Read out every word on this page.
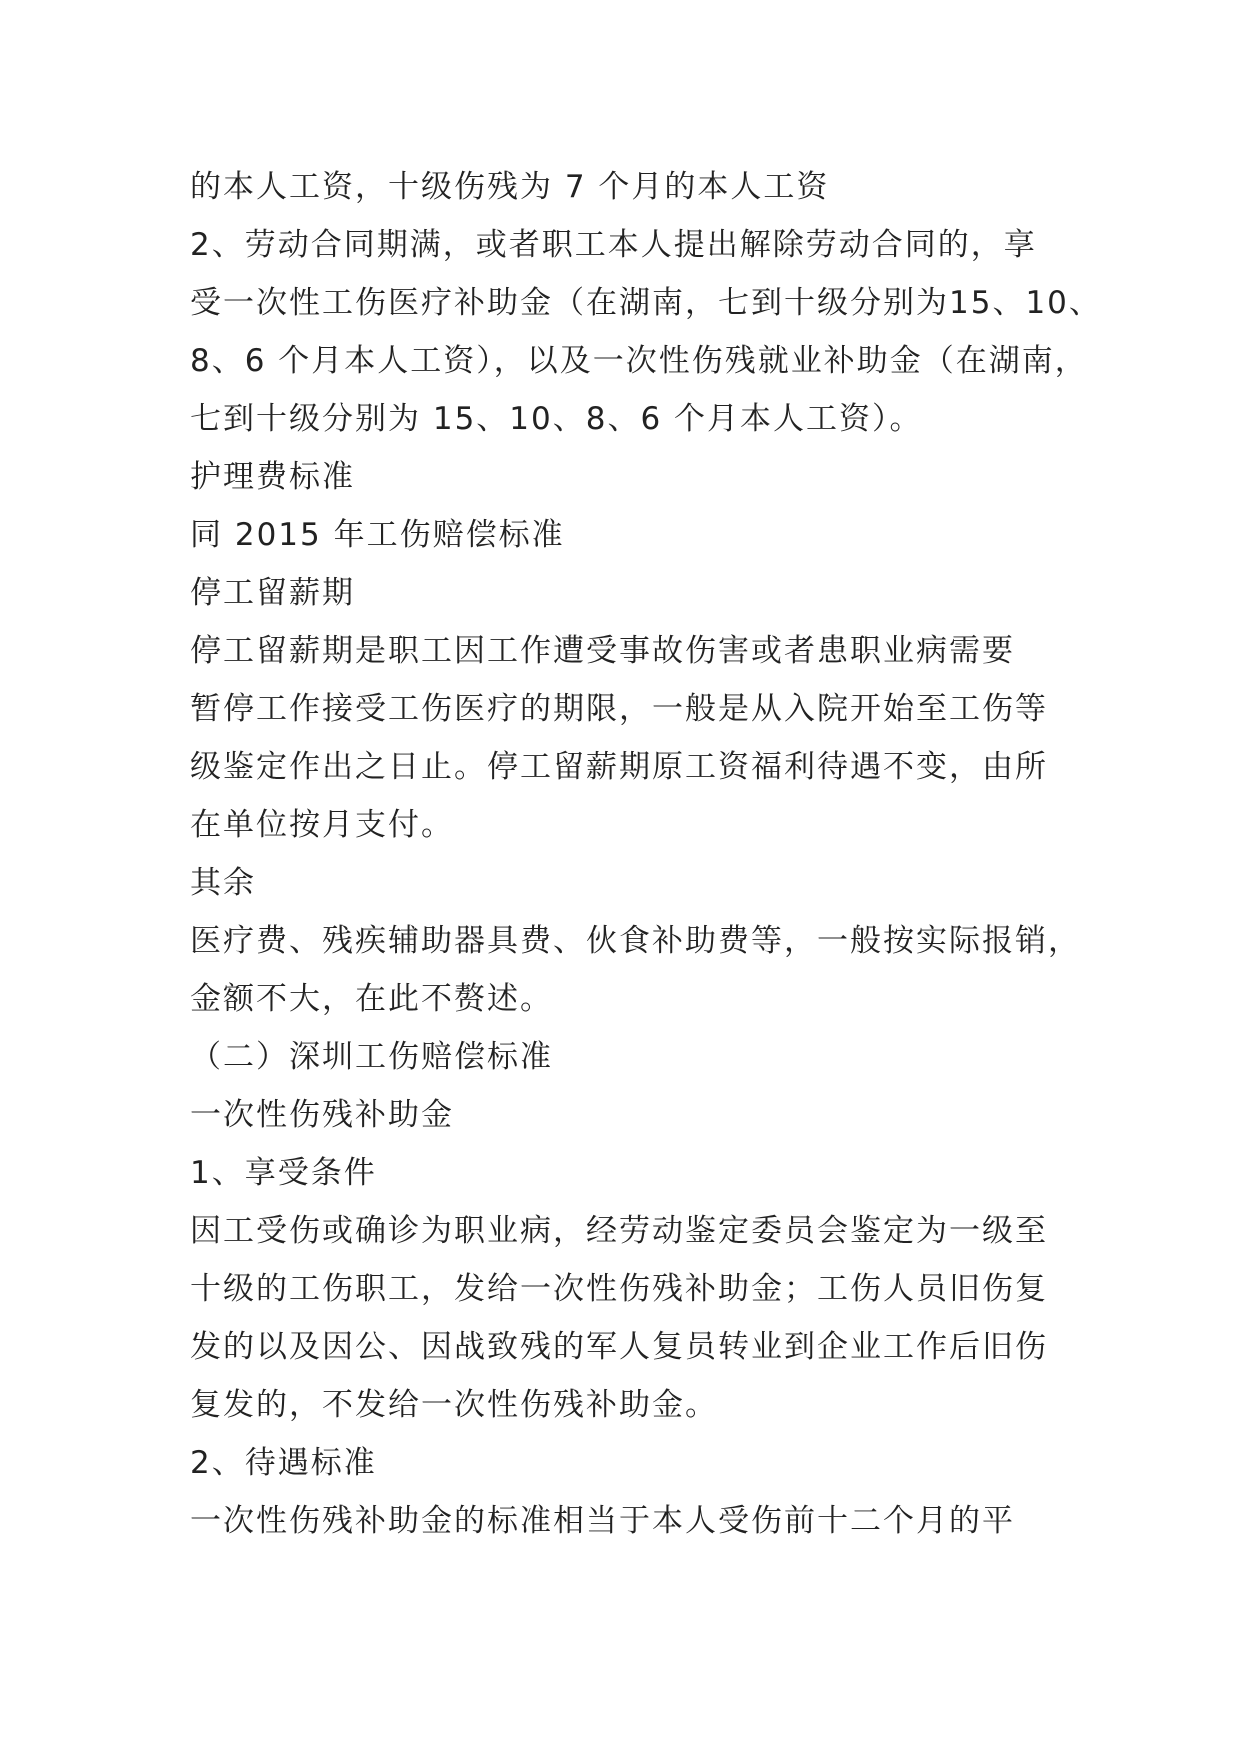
的本人工资，十级伤残为 7 个月的本人工资

2、劳动合同期满，或者职工本人提出解除劳动合同的，享

受一次性工伤医疗补助金（在湖南，七到十级分别为15、10、

8、6 个月本人工资），以及一次性伤残就业补助金（在湖南，

七到十级分别为 15、10、8、6 个月本人工资）。

护理费标准

同 2015 年工伤赔偿标准

停工留薪期

停工留薪期是职工因工作遭受事故伤害或者患职业病需要

暂停工作接受工伤医疗的期限，一般是从入院开始至工伤等

级鉴定作出之日止。停工留薪期原工资福利待遇不变，由所

在单位按月支付。

其余

医疗费、残疾辅助器具费、伙食补助费等，一般按实际报销，

金额不大，在此不赘述。

（二）深圳工伤赔偿标准

一次性伤残补助金

1、享受条件

因工受伤或确诊为职业病，经劳动鉴定委员会鉴定为一级至

十级的工伤职工，发给一次性伤残补助金；工伤人员旧伤复

发的以及因公、因战致残的军人复员转业到企业工作后旧伤

复发的，不发给一次性伤残补助金。

2、待遇标准

一次性伤残补助金的标准相当于本人受伤前十二个月的平
